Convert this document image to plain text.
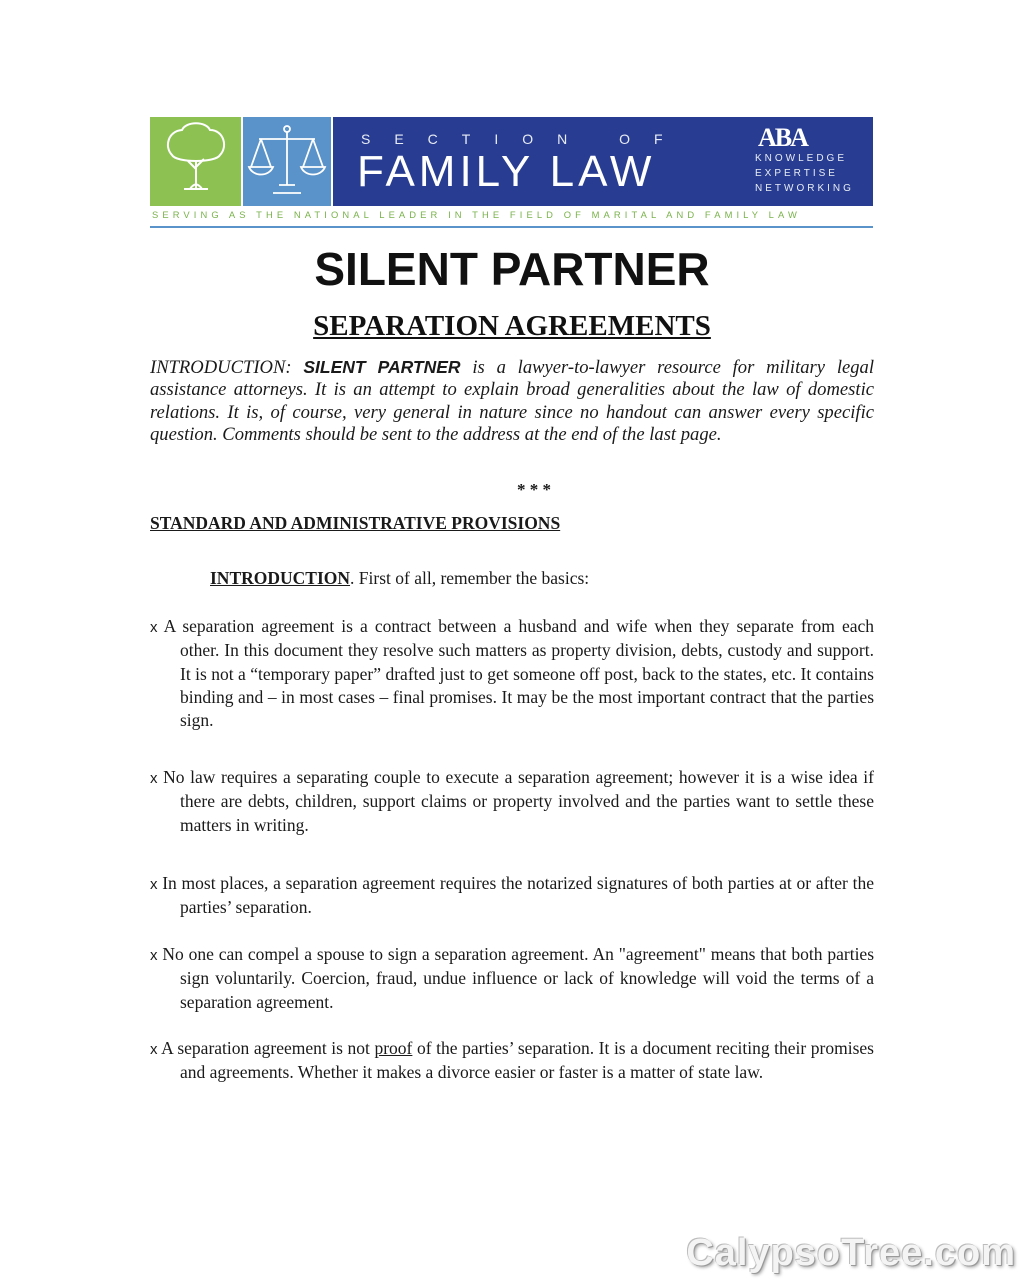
SECTION OF
FAMILY LAW
ABA
KNOWLEDGE
EXPERTISE
NETWORKING
SERVING AS THE NATIONAL LEADER IN THE FIELD OF MARITAL AND FAMILY LAW
SILENT PARTNER
SEPARATION AGREEMENTS
INTRODUCTION: SILENT PARTNER is a lawyer-to-lawyer resource for military legal assistance attorneys. It is an attempt to explain broad generalities about the law of domestic relations. It is, of course, very general in nature since no handout can answer every specific question. Comments should be sent to the address at the end of the last page.
* * *
STANDARD AND ADMINISTRATIVE PROVISIONS
INTRODUCTION. First of all, remember the basics:
x A separation agreement is a contract between a husband and wife when they separate from each other. In this document they resolve such matters as property division, debts, custody and support. It is not a “temporary paper” drafted just to get someone off post, back to the states, etc. It contains binding and – in most cases – final promises. It may be the most important contract that the parties sign.
x No law requires a separating couple to execute a separation agreement; however it is a wise idea if there are debts, children, support claims or property involved and the parties want to settle these matters in writing.
x In most places, a separation agreement requires the notarized signatures of both parties at or after the parties’ separation.
x No one can compel a spouse to sign a separation agreement. An "agreement" means that both parties sign voluntarily. Coercion, fraud, undue influence or lack of knowledge will void the terms of a separation agreement.
x A separation agreement is not proof of the parties’ separation. It is a document reciting their promises and agreements. Whether it makes a divorce easier or faster is a matter of state law.
CalypsoTree.com
